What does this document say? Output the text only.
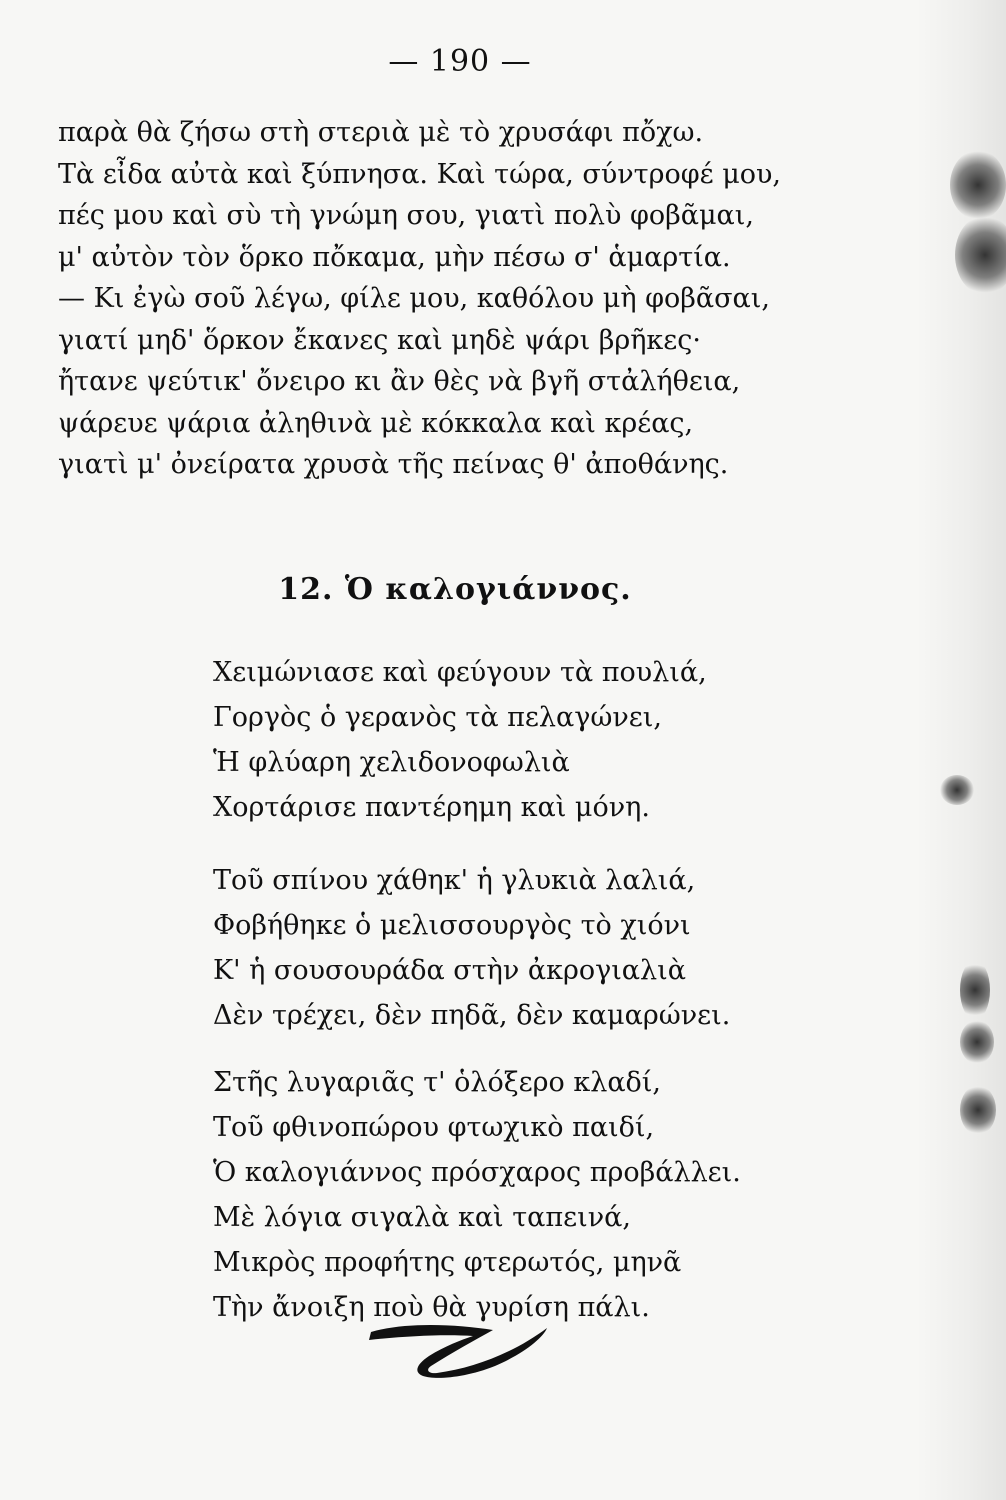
— 190 —
παρὰ θὰ ζήσω στὴ στεριὰ μὲ τὸ χρυσάφι πὄχω.
Τὰ εἶδα αὐτὰ καὶ ξύπνησα. Καὶ τώρα, σύντροφέ μου,
πές μου καὶ σὺ τὴ γνώμη σου, γιατὶ πολὺ φοβᾶμαι,
μ' αὐτὸν τὸν ὅρκο πὄκαμα, μὴν πέσω σ' ἁμαρτία.
— Κι ἐγὼ σοῦ λέγω, φίλε μου, καθόλου μὴ φοβᾶσαι,
γιατί μηδ' ὅρκον ἔκανες καὶ μηδὲ ψάρι βρῆκες·
ἤτανε ψεύτικ' ὄνειρο κι ἂν θὲς νὰ βγῆ στἀλήθεια,
ψάρευε ψάρια ἀληθινὰ μὲ κόκκαλα καὶ κρέας,
γιατὶ μ' ὀνείρατα χρυσὰ τῆς πείνας θ' ἀποθάνης.
12. Ὁ καλογιάννος.
Χειμώνιασε καὶ φεύγουν τὰ πουλιά,
Γοργὸς ὁ γερανὸς τὰ πελαγώνει,
Ἡ φλύαρη χελιδονοφωλιὰ
Χορτάρισε παντέρημη καὶ μόνη.
Τοῦ σπίνου χάθηκ' ἡ γλυκιὰ λαλιά,
Φοβήθηκε ὁ μελισσουργὸς τὸ χιόνι
Κ' ἡ σουσουράδα στὴν ἀκρογιαλιὰ
Δὲν τρέχει, δὲν πηδᾶ, δὲν καμαρώνει.
Στῆς λυγαριᾶς τ' ὁλόξερο κλαδί,
Τοῦ φθινοπώρου φτωχικὸ παιδί,
Ὁ καλογιάννος πρόσχαρος προβάλλει.
Μὲ λόγια σιγαλὰ καὶ ταπεινά,
Μικρὸς προφήτης φτερωτός, μηνᾶ
Τὴν ἄνοιξη ποὺ θὰ γυρίση πάλι.
